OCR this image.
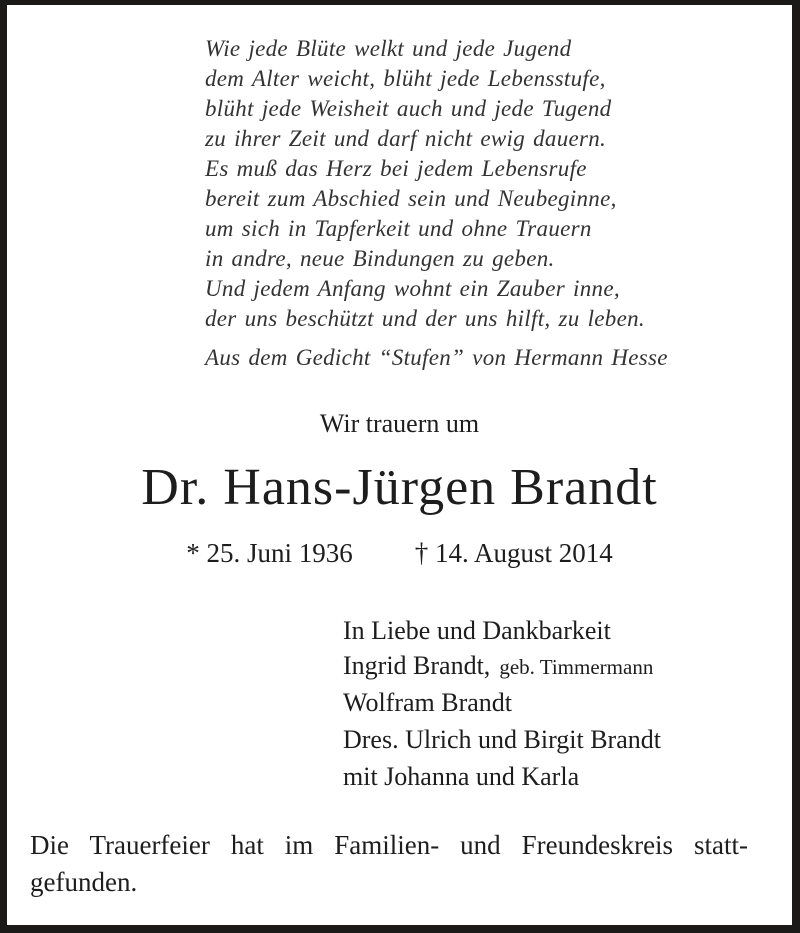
Wie jede Blüte welkt und jede Jugend
dem Alter weicht, blüht jede Lebensstufe,
blüht jede Weisheit auch und jede Tugend
zu ihrer Zeit und darf nicht ewig dauern.
Es muß das Herz bei jedem Lebensrufe
bereit zum Abschied sein und Neubeginne,
um sich in Tapferkeit und ohne Trauern
in andre, neue Bindungen zu geben.
Und jedem Anfang wohnt ein Zauber inne,
der uns beschützt und der uns hilft, zu leben.
Aus dem Gedicht “Stufen” von Hermann Hesse
Wir trauern um
Dr. Hans-Jürgen Brandt
* 25. Juni 1936 † 14. August 2014
In Liebe und Dankbarkeit
Ingrid Brandt, geb. Timmermann
Wolfram Brandt
Dres. Ulrich und Birgit Brandt
mit Johanna und Karla
Die Trauerfeier hat im Familien- und Freundeskreis statt-
gefunden.
